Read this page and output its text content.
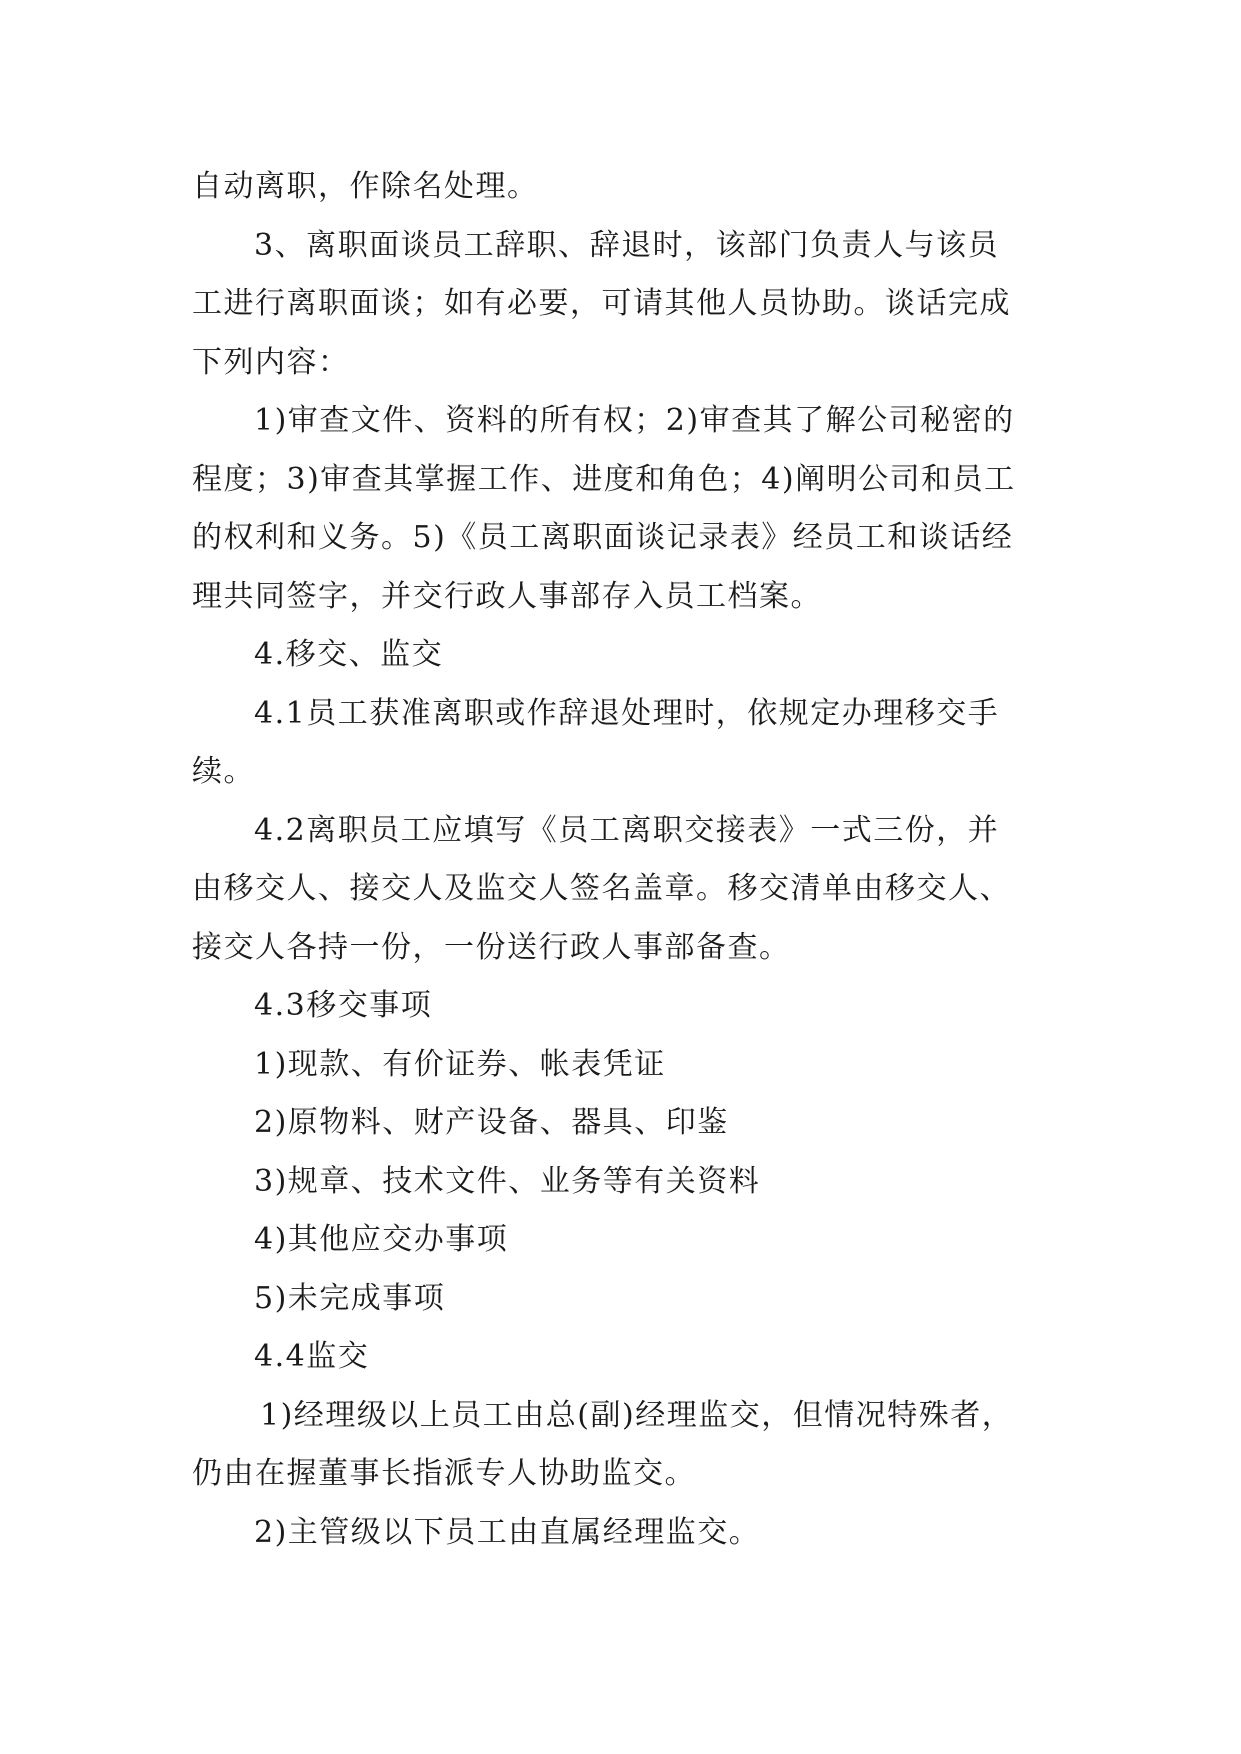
自动离职，作除名处理。
3、离职面谈员工辞职、辞退时，该部门负责人与该员
工进行离职面谈；如有必要，可请其他人员协助。谈话完成
下列内容：
1)审查文件、资料的所有权；2)审查其了解公司秘密的
程度；3)审查其掌握工作、进度和角色；4)阐明公司和员工
的权利和义务。5)《员工离职面谈记录表》经员工和谈话经
理共同签字，并交行政人事部存入员工档案。
4.移交、监交
4.1员工获准离职或作辞退处理时，依规定办理移交手
续。
4.2离职员工应填写《员工离职交接表》一式三份，并
由移交人、接交人及监交人签名盖章。移交清单由移交人、
接交人各持一份，一份送行政人事部备查。
4.3移交事项
1)现款、有价证券、帐表凭证
2)原物料、财产设备、器具、印鉴
3)规章、技术文件、业务等有关资料
4)其他应交办事项
5)未完成事项
4.4监交
1)经理级以上员工由总(副)经理监交，但情况特殊者，
仍由在握董事长指派专人协助监交。
2)主管级以下员工由直属经理监交。
